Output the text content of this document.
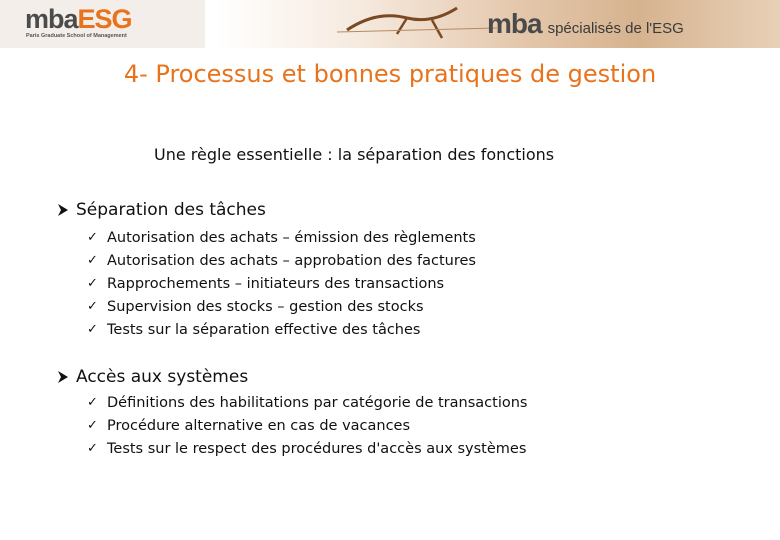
mbaESG
Paris Graduate School of Management	mba spécialisés de l'ESG
4- Processus et bonnes pratiques de gestion
Une règle essentielle : la séparation des fonctions
Séparation des tâches
✓ Autorisation des achats – émission des règlements
✓ Autorisation des achats – approbation des factures
✓ Rapprochements – initiateurs des transactions
✓ Supervision des stocks – gestion des stocks
✓ Tests sur la séparation effective des tâches
Accès aux systèmes
✓ Définitions des habilitations par catégorie de transactions
✓ Procédure alternative en cas de vacances
✓ Tests sur le respect des procédures d'accès aux systèmes
